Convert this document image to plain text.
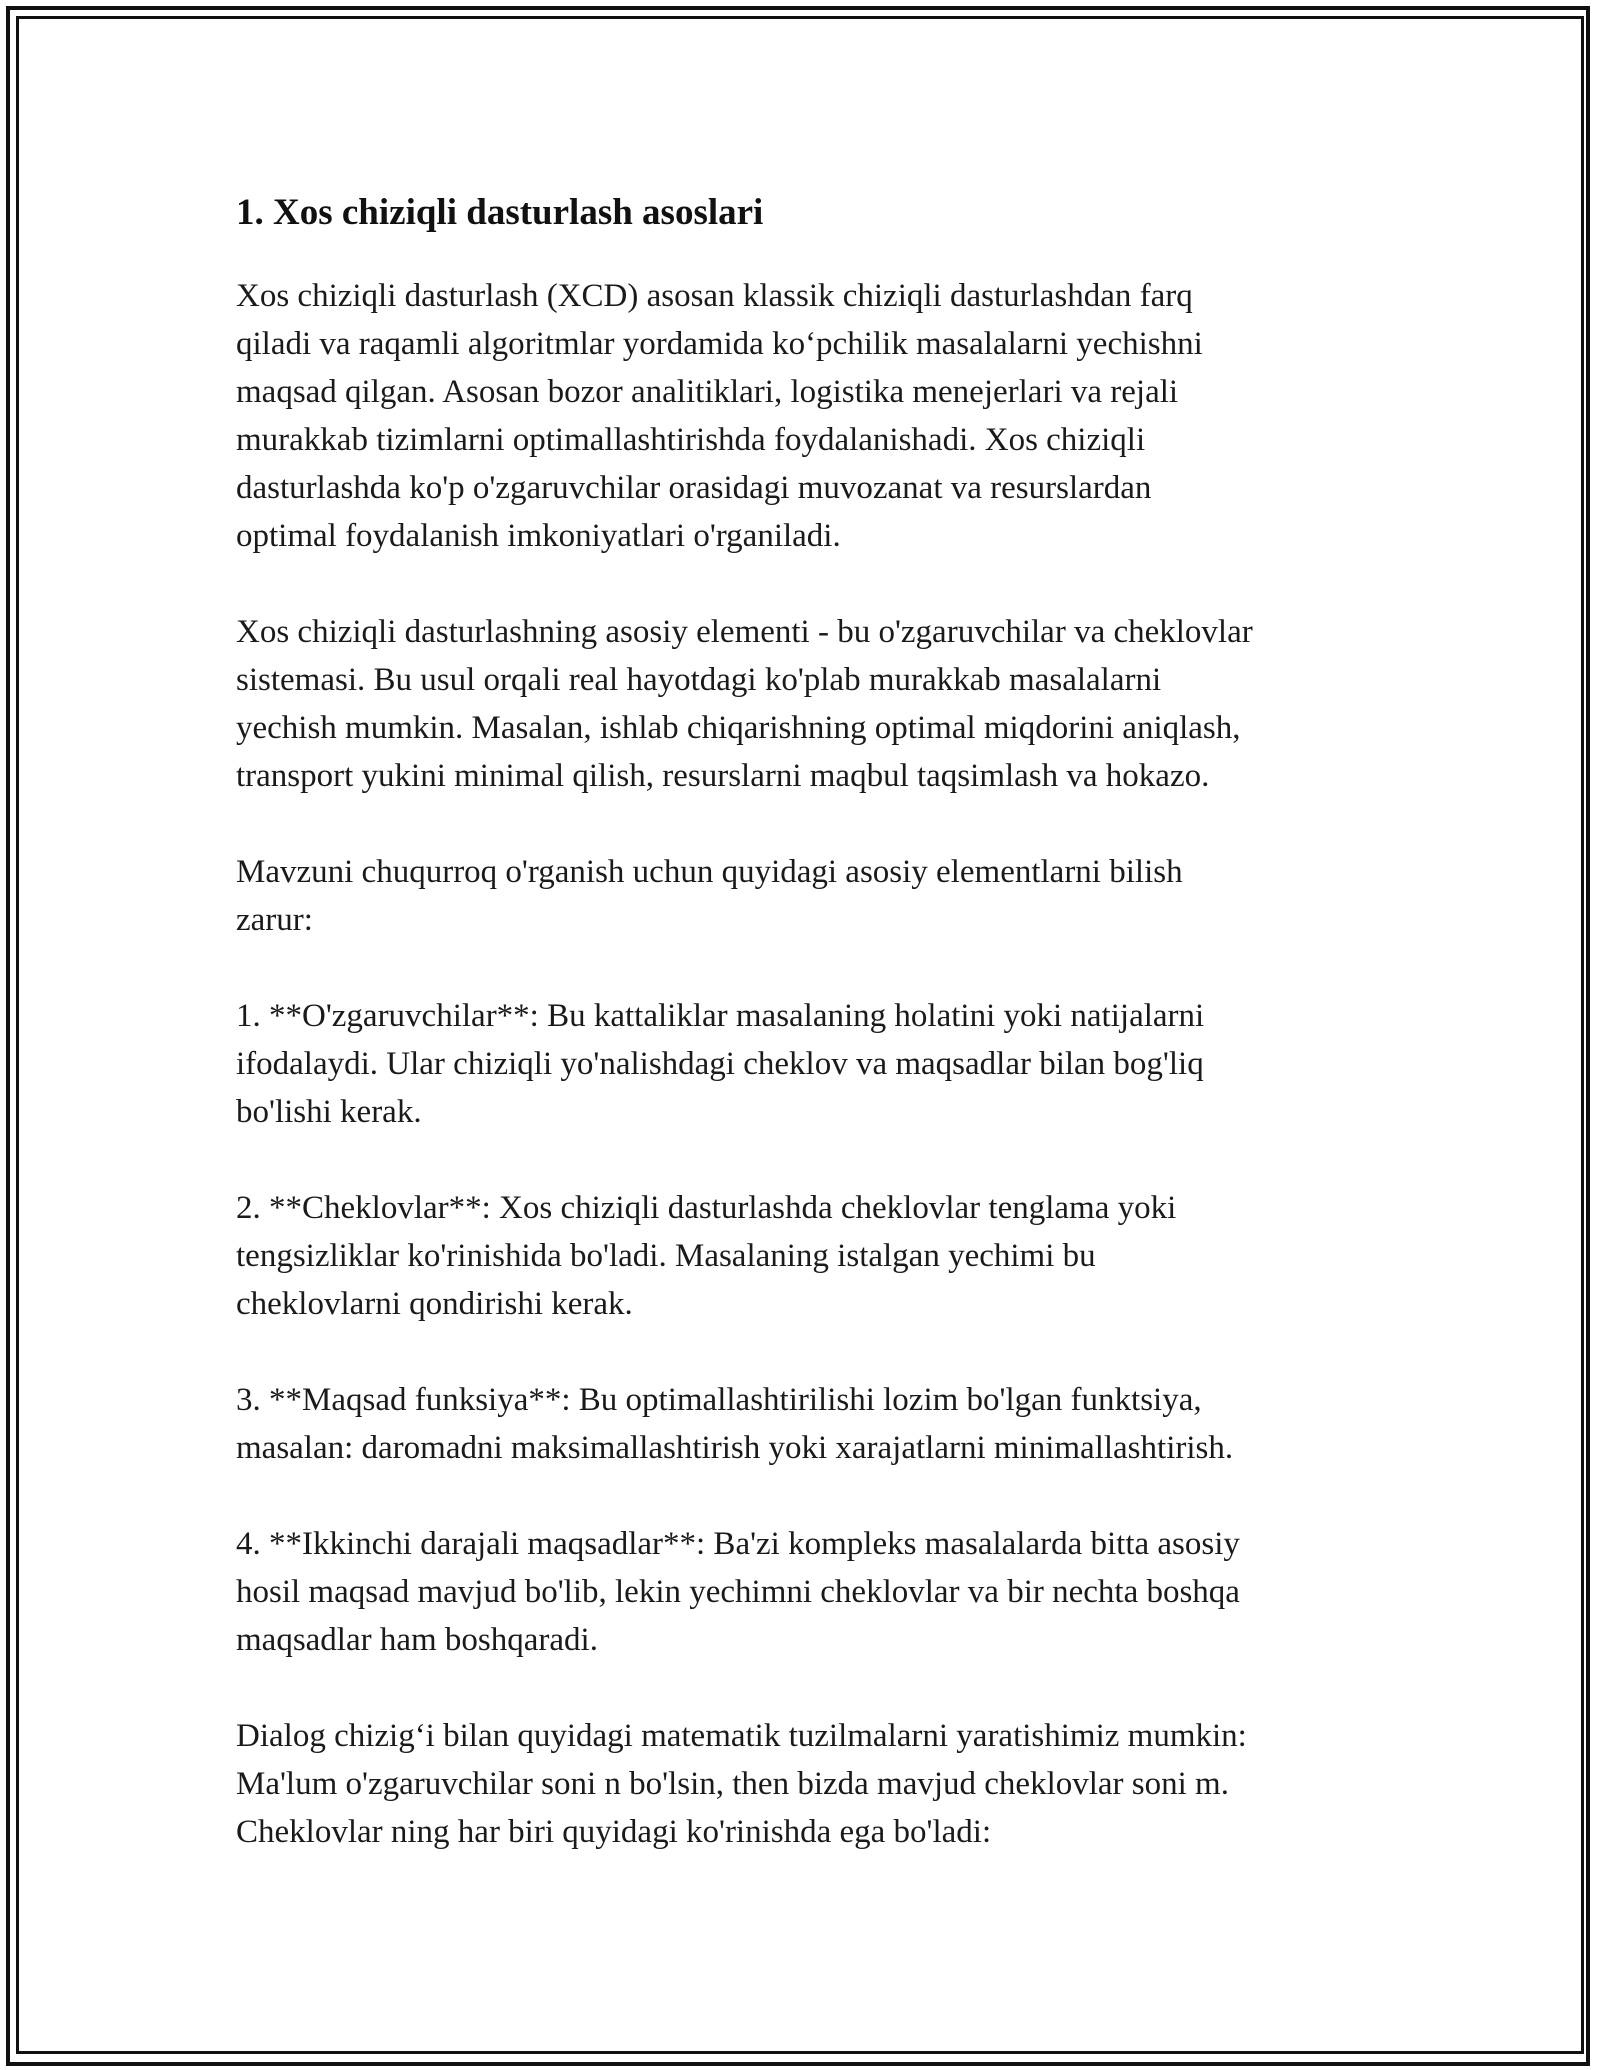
1. Xos chiziqli dasturlash asoslari

Xos chiziqli dasturlash (XCD) asosan klassik chiziqli dasturlashdan farq
qiladi va raqamli algoritmlar yordamida koʻpchilik masalalarni yechishni
maqsad qilgan. Asosan bozor analitiklari, logistika menejerlari va rejali
murakkab tizimlarni optimallashtirishda foydalanishadi. Xos chiziqli
dasturlashda ko'p o'zgaruvchilar orasidagi muvozanat va resurslardan
optimal foydalanish imkoniyatlari o'rganiladi.

Xos chiziqli dasturlashning asosiy elementi - bu o'zgaruvchilar va cheklovlar
sistemasi. Bu usul orqali real hayotdagi ko'plab murakkab masalalarni
yechish mumkin. Masalan, ishlab chiqarishning optimal miqdorini aniqlash,
transport yukini minimal qilish, resurslarni maqbul taqsimlash va hokazo.

Mavzuni chuqurroq o'rganish uchun quyidagi asosiy elementlarni bilish
zarur:

1. **O'zgaruvchilar**: Bu kattaliklar masalaning holatini yoki natijalarni
ifodalaydi. Ular chiziqli yo'nalishdagi cheklov va maqsadlar bilan bog'liq
bo'lishi kerak.

2. **Cheklovlar**: Xos chiziqli dasturlashda cheklovlar tenglama yoki
tengsizliklar ko'rinishida bo'ladi. Masalaning istalgan yechimi bu
cheklovlarni qondirishi kerak.

3. **Maqsad funksiya**: Bu optimallashtirilishi lozim bo'lgan funktsiya,
masalan: daromadni maksimallashtirish yoki xarajatlarni minimallashtirish.

4. **Ikkinchi darajali maqsadlar**: Ba'zi kompleks masalalarda bitta asosiy
hosil maqsad mavjud bo'lib, lekin yechimni cheklovlar va bir nechta boshqa
maqsadlar ham boshqaradi.

Dialog chizigʻi bilan quyidagi matematik tuzilmalarni yaratishimiz mumkin:
Ma'lum o'zgaruvchilar soni n bo'lsin, then bizda mavjud cheklovlar soni m.
Cheklovlar ning har biri quyidagi ko'rinishda ega bo'ladi:
